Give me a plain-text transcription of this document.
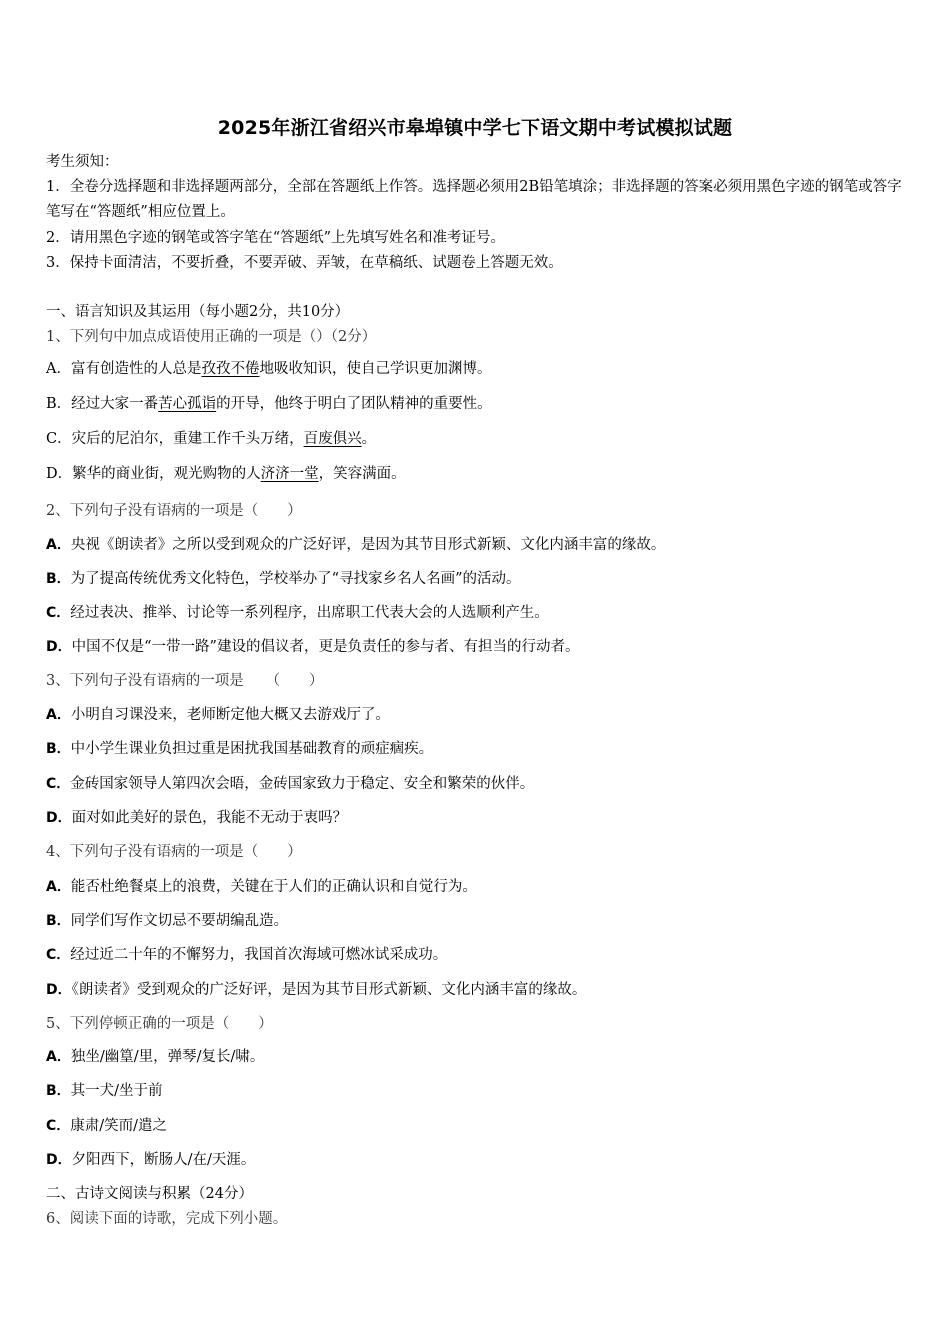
2025年浙江省绍兴市皋埠镇中学七下语文期中考试模拟试题
考生须知：
1．全卷分选择题和非选择题两部分，全部在答题纸上作答。选择题必须用2B铅笔填涂；非选择题的答案必须用黑色字迹的钢笔或答字笔写在“答题纸”相应位置上。
2．请用黑色字迹的钢笔或答字笔在“答题纸”上先填写姓名和准考证号。
3．保持卡面清洁，不要折叠，不要弄破、弄皱，在草稿纸、试题卷上答题无效。
一、语言知识及其运用（每小题2分，共10分）
1、下列句中加点成语使用正确的一项是（）（2分）
A．富有创造性的人总是孜孜不倦地吸收知识，使自己学识更加渊博。
B．经过大家一番苦心孤诣的开导，他终于明白了团队精神的重要性。
C．灾后的尼泊尔，重建工作千头万绪，百废俱兴。
D．繁华的商业街，观光购物的人济济一堂，笑容满面。
2、下列句子没有语病的一项是（　　）
A．央视《朗读者》之所以受到观众的广泛好评，是因为其节目形式新颖、文化内涵丰富的缘故。
B．为了提高传统优秀文化特色，学校举办了“寻找家乡名人名画”的活动。
C．经过表决、推举、讨论等一系列程序，出席职工代表大会的人选顺利产生。
D．中国不仅是“一带一路”建设的倡议者，更是负责任的参与者、有担当的行动者。
3、下列句子没有语病的一项是　　（　　）
A．小明自习课没来，老师断定他大概又去游戏厅了。
B．中小学生课业负担过重是困扰我国基础教育的顽症痼疾。
C．金砖国家领导人第四次会晤，金砖国家致力于稳定、安全和繁荣的伙伴。
D．面对如此美好的景色，我能不无动于衷吗？
4、下列句子没有语病的一项是（　　）
A．能否杜绝餐桌上的浪费，关键在于人们的正确认识和自觉行为。
B．同学们写作文切忌不要胡编乱造。
C．经过近二十年的不懈努力，我国首次海域可燃冰试采成功。
D．《朗读者》受到观众的广泛好评，是因为其节目形式新颖、文化内涵丰富的缘故。
5、下列停顿正确的一项是（　　）
A．独坐/幽篁/里，弹琴/复长/啸。
B．其一犬/坐于前
C．康肃/笑而/遣之
D．夕阳西下，断肠人/在/天涯。
二、古诗文阅读与积累（24分）
6、阅读下面的诗歌，完成下列小题。
